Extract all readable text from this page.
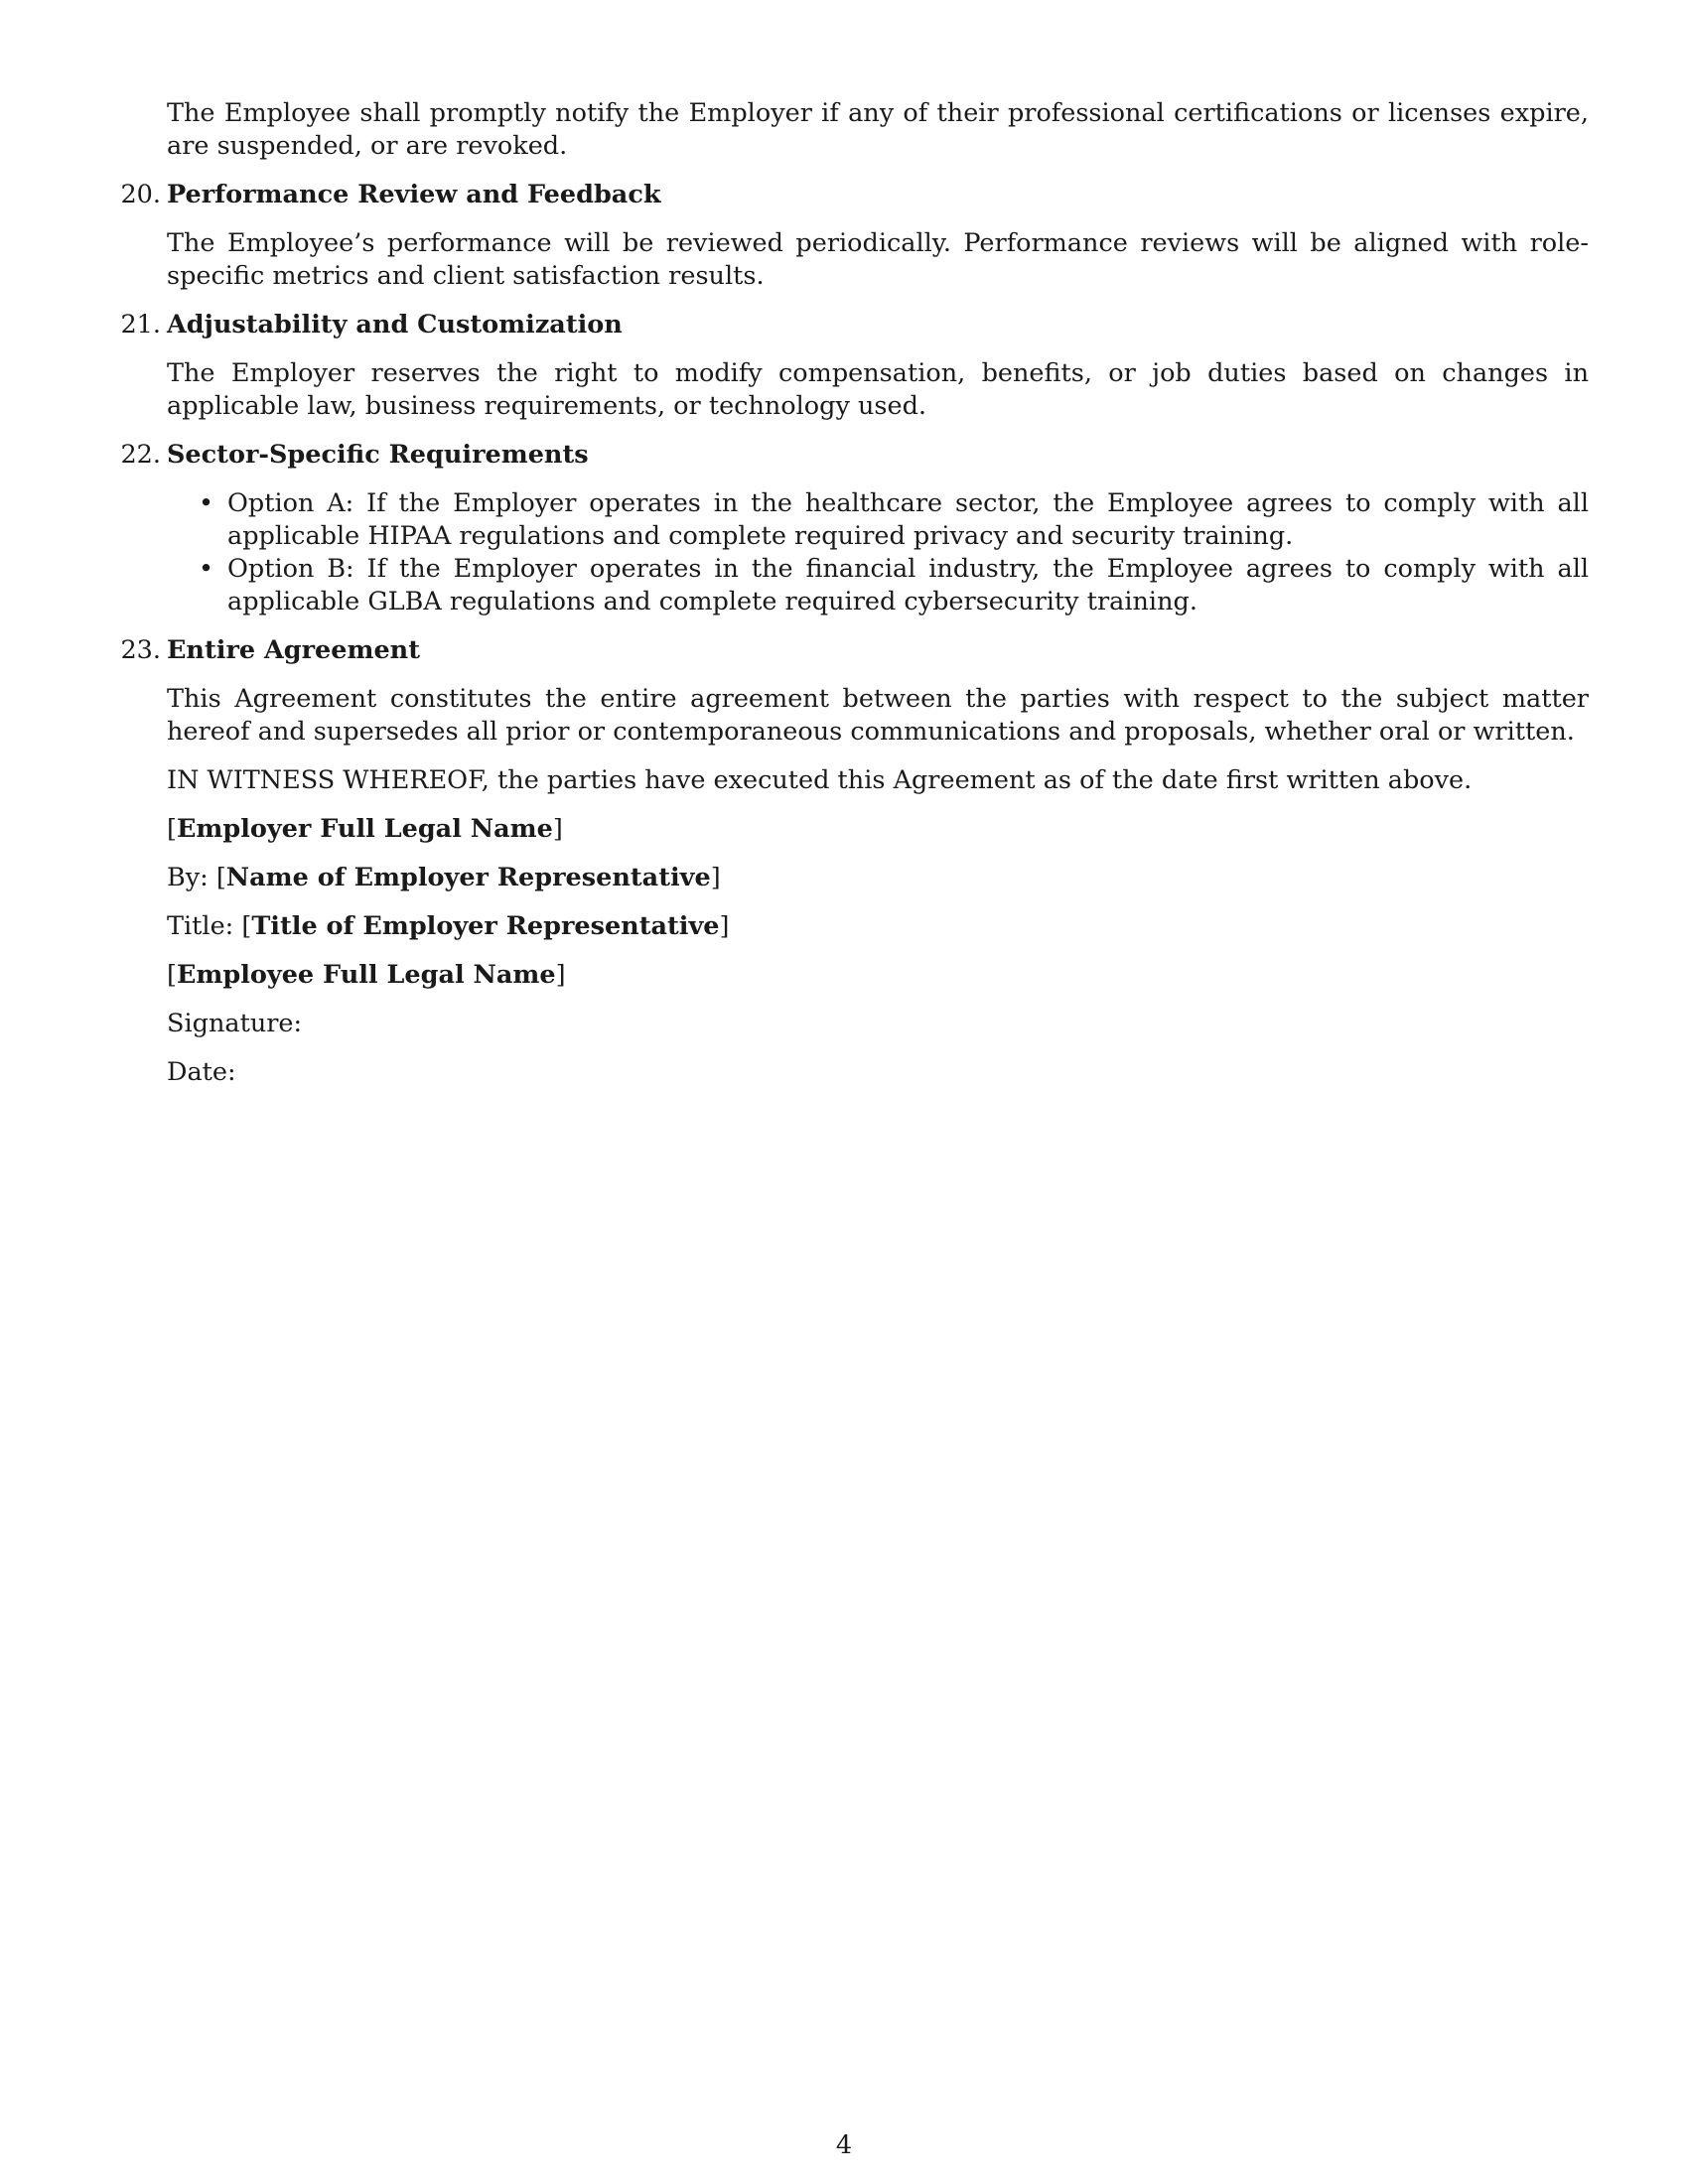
The Employee shall promptly notify the Employer if any of their professional certifications or licenses expire, are suspended, or are revoked.

20. Performance Review and Feedback

The Employee’s performance will be reviewed periodically. Performance reviews will be aligned with role-specific metrics and client satisfaction results.

21. Adjustability and Customization

The Employer reserves the right to modify compensation, benefits, or job duties based on changes in applicable law, business requirements, or technology used.

22. Sector-Specific Requirements
• Option A: If the Employer operates in the healthcare sector, the Employee agrees to comply with all applicable HIPAA regulations and complete required privacy and security training.
• Option B: If the Employer operates in the financial industry, the Employee agrees to comply with all applicable GLBA regulations and complete required cybersecurity training.
23. Entire Agreement

This Agreement constitutes the entire agreement between the parties with respect to the subject matter hereof and supersedes all prior or contemporaneous communications and proposals, whether oral or written.

IN WITNESS WHEREOF, the parties have executed this Agreement as of the date first written above.

[Employer Full Legal Name]
By: [Name of Employer Representative]
Title: [Title of Employer Representative]
[Employee Full Legal Name]
Signature:
Date:
4
